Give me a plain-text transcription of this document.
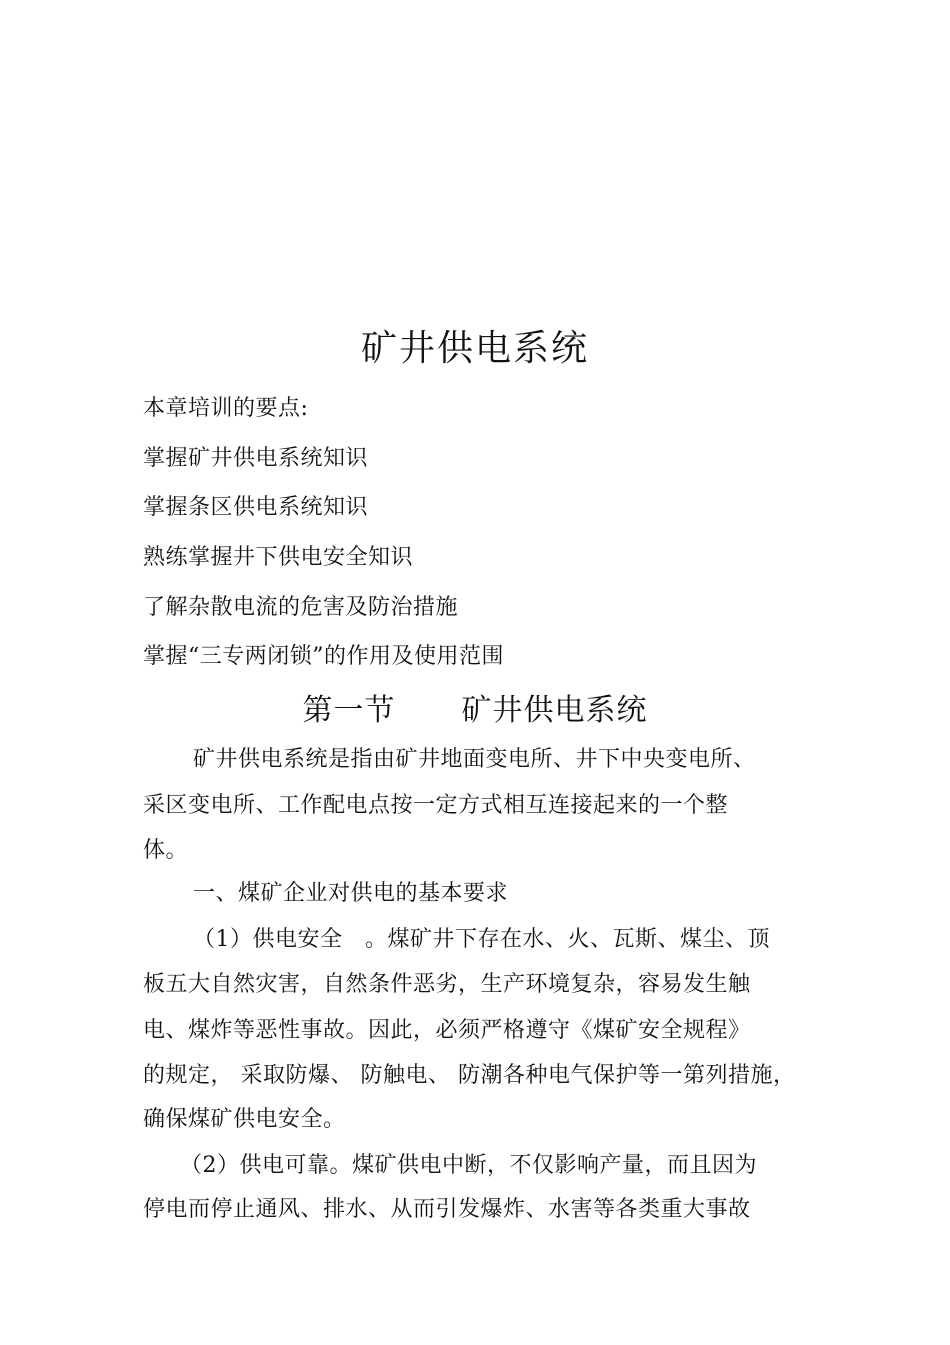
矿井供电系统
本章培训的要点:
掌握矿井供电系统知识
掌握条区供电系统知识
熟练掌握井下供电安全知识
了解杂散电流的危害及防治措施
掌握“三专两闭锁”的作用及使用范围
第一节 矿井供电系统
矿井供电系统是指由矿井地面变电所、井下中央变电所、
采区变电所、工作配电点按一定方式相互连接起来的一个整
体。
一、煤矿企业对供电的基本要求
（1）供电安全　。煤矿井下存在水、火、瓦斯、煤尘、顶
板五大自然灾害，自然条件恶劣，生产环境复杂，容易发生触
电、煤炸等恶性事故。因此，必须严格遵守《煤矿安全规程》
的规定， 采取防爆、 防触电、 防潮各种电气保护等一第列措施，
确保煤矿供电安全。
（2）供电可靠。煤矿供电中断，不仅影响产量，而且因为
停电而停止通风、排水、从而引发爆炸、水害等各类重大事故
